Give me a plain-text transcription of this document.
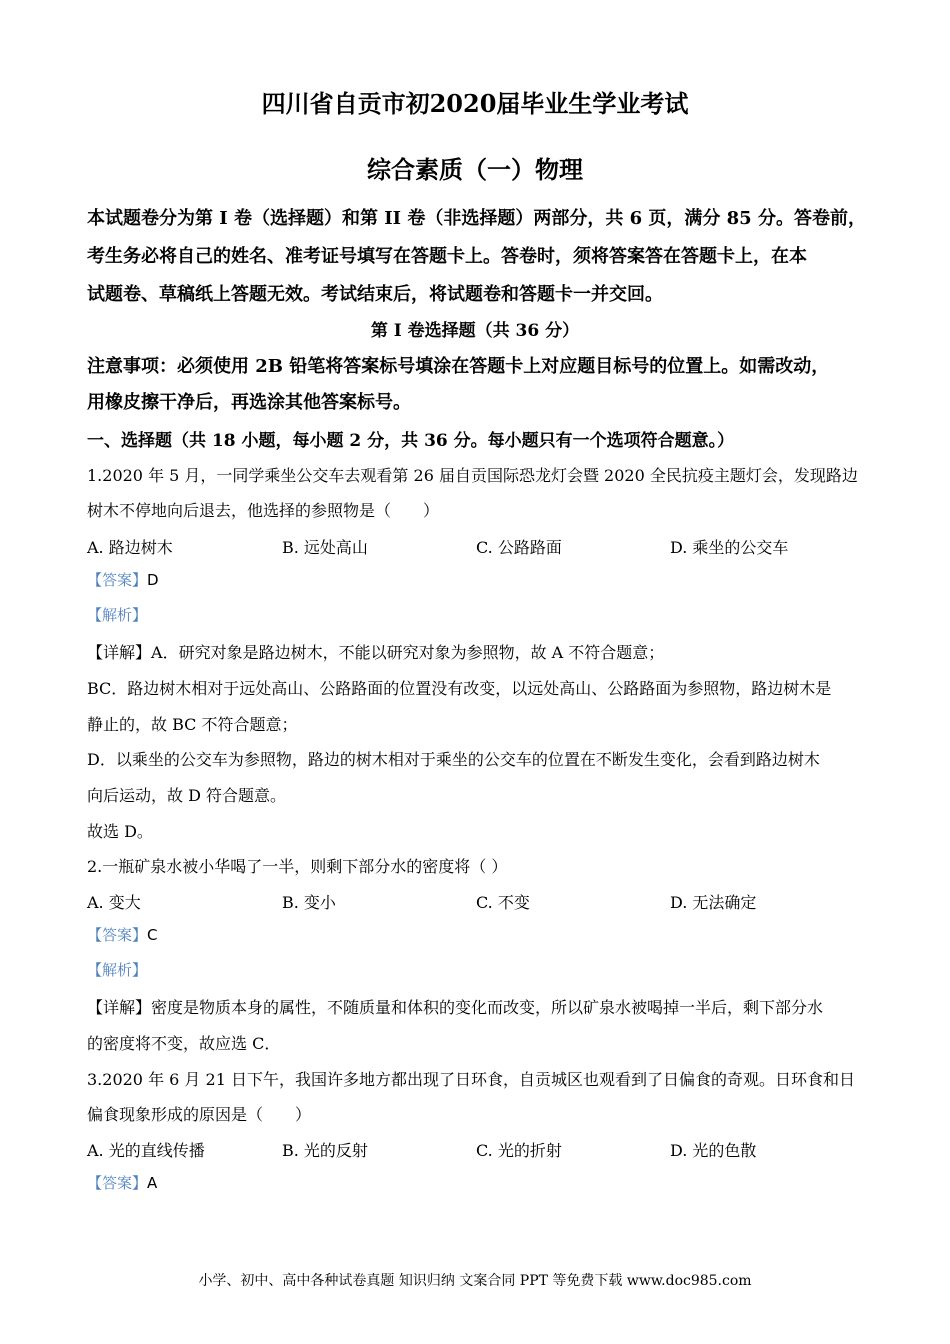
四川省自贡市初2020届毕业生学业考试
综合素质（一）物理
本试题卷分为第 I 卷（选择题）和第 II 卷（非选择题）两部分，共 6 页，满分 85 分。答卷前，
考生务必将自己的姓名、准考证号填写在答题卡上。答卷时，须将答案答在答题卡上，在本
试题卷、草稿纸上答题无效。考试结束后，将试题卷和答题卡一并交回。
第 I 卷选择题（共 36 分）
注意事项：必须使用 2B 铅笔将答案标号填涂在答题卡上对应题目标号的位置上。如需改动，
用橡皮擦干净后，再选涂其他答案标号。
一、选择题（共 18 小题，每小题 2 分，共 36 分。每小题只有一个选项符合题意。）
1.2020 年 5 月，一同学乘坐公交车去观看第 26 届自贡国际恐龙灯会暨 2020 全民抗疫主题灯会，发现路边
树木不停地向后退去，他选择的参照物是（　　）
A. 路边树木	B. 远处高山	C. 公路路面	D. 乘坐的公交车
【答案】D
【解析】
【详解】A．研究对象是路边树木，不能以研究对象为参照物，故 A 不符合题意；
BC．路边树木相对于远处高山、公路路面的位置没有改变，以远处高山、公路路面为参照物，路边树木是
静止的，故 BC 不符合题意；
D．以乘坐的公交车为参照物，路边的树木相对于乘坐的公交车的位置在不断发生变化，会看到路边树木
向后运动，故 D 符合题意。
故选 D。
2.一瓶矿泉水被小华喝了一半，则剩下部分水的密度将（ ）
A. 变大	B. 变小	C. 不变	D. 无法确定
【答案】C
【解析】
【详解】密度是物质本身的属性，不随质量和体积的变化而改变，所以矿泉水被喝掉一半后，剩下部分水
的密度将不变，故应选 C．
3.2020 年 6 月 21 日下午，我国许多地方都出现了日环食，自贡城区也观看到了日偏食的奇观。日环食和日
偏食现象形成的原因是（　　）
A. 光的直线传播	B. 光的反射	C. 光的折射	D. 光的色散
【答案】A
小学、初中、高中各种试卷真题 知识归纳 文案合同 PPT 等免费下载 www.doc985.com
